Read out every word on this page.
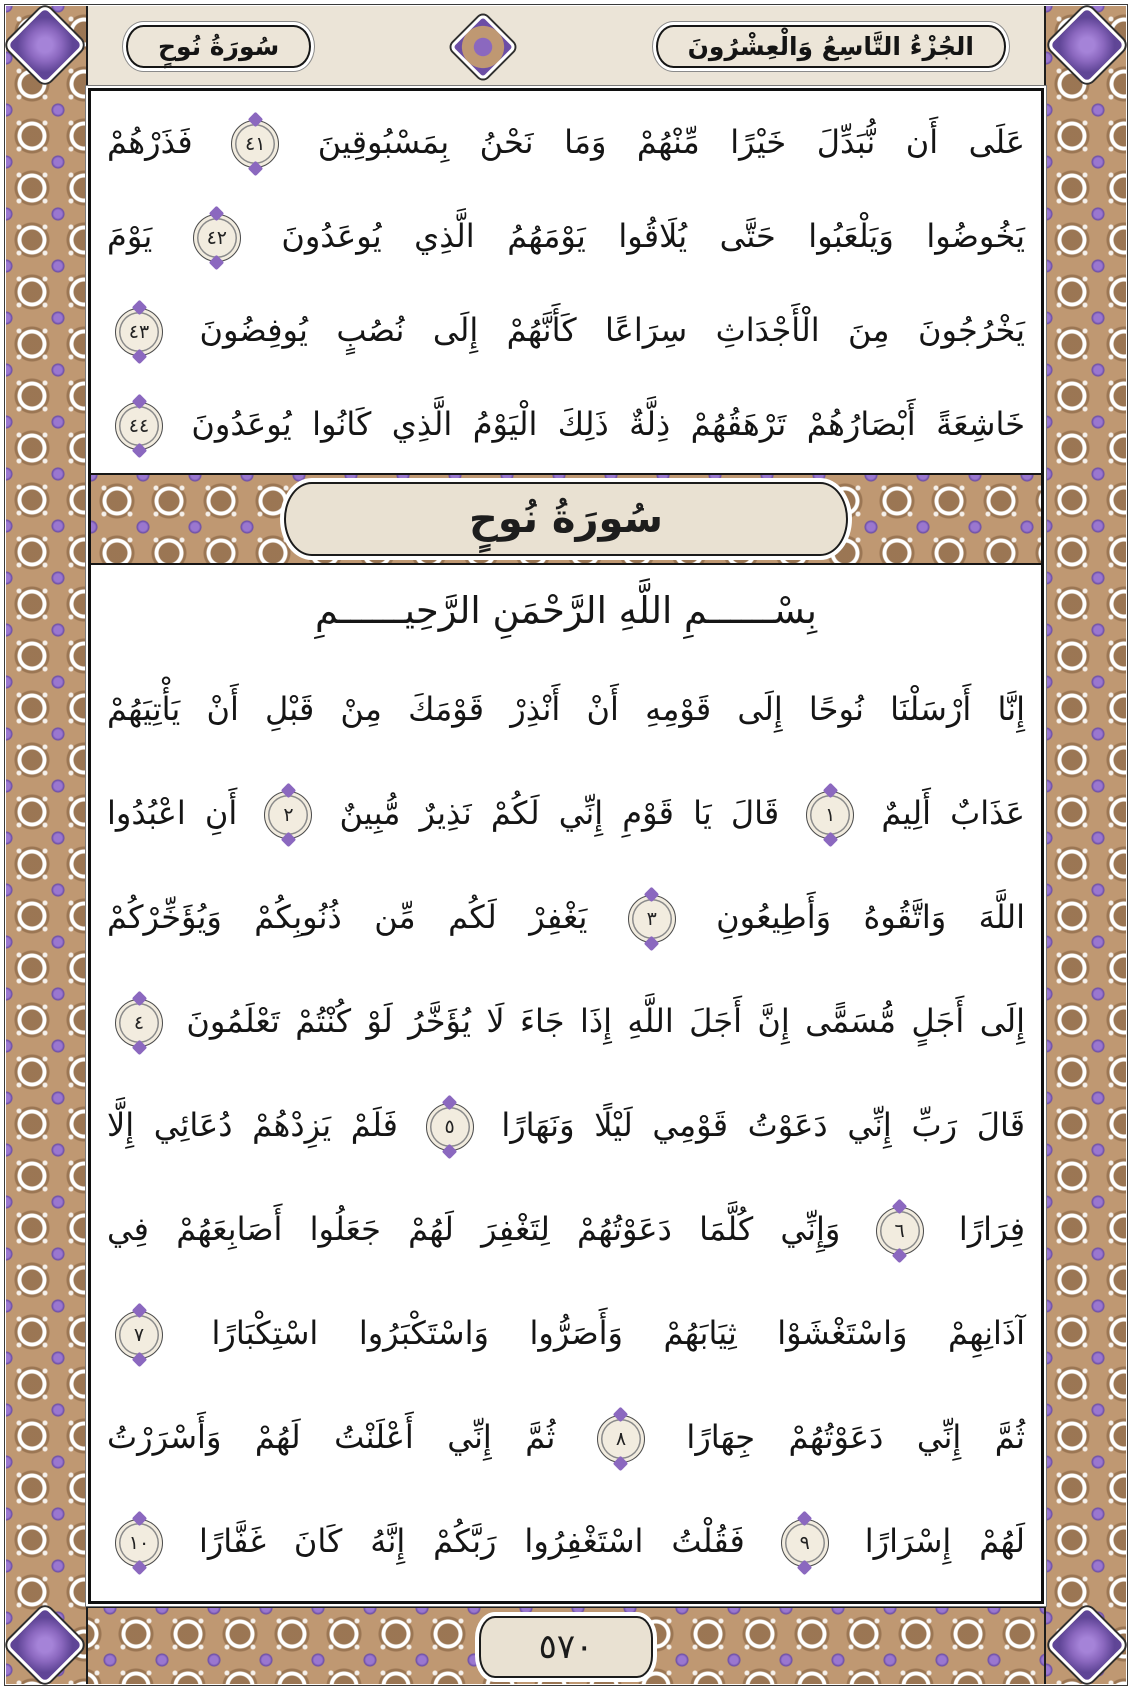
الجُزْءُ التَّاسِعُ وَالْعِشْرُونَ
سُورَةُ نُوحٍ
عَلَى أَن نُّبَدِّلَ خَيْرًا مِّنْهُمْ وَمَا نَحْنُ بِمَسْبُوقِينَ ٤١ فَذَرْهُمْ
يَخُوضُوا وَيَلْعَبُوا حَتَّى يُلَاقُوا يَوْمَهُمُ الَّذِي يُوعَدُونَ ٤٢ يَوْمَ
يَخْرُجُونَ مِنَ الْأَجْدَاثِ سِرَاعًا كَأَنَّهُمْ إِلَى نُصُبٍ يُوفِضُونَ ٤٣
خَاشِعَةً أَبْصَارُهُمْ تَرْهَقُهُمْ ذِلَّةٌ ذَلِكَ الْيَوْمُ الَّذِي كَانُوا يُوعَدُونَ ٤٤
سُورَةُ نُوحٍ
بِسْــــــمِ اللَّهِ الرَّحْمَنِ الرَّحِيــــــمِ
إِنَّا أَرْسَلْنَا نُوحًا إِلَى قَوْمِهِ أَنْ أَنْذِرْ قَوْمَكَ مِنْ قَبْلِ أَنْ يَأْتِيَهُمْ
عَذَابٌ أَلِيمٌ ١ قَالَ يَا قَوْمِ إِنِّي لَكُمْ نَذِيرٌ مُّبِينٌ ٢ أَنِ اعْبُدُوا
اللَّهَ وَاتَّقُوهُ وَأَطِيعُونِ ٣ يَغْفِرْ لَكُم مِّن ذُنُوبِكُمْ وَيُؤَخِّرْكُمْ
إِلَى أَجَلٍ مُّسَمًّى إِنَّ أَجَلَ اللَّهِ إِذَا جَاءَ لَا يُؤَخَّرُ لَوْ كُنْتُمْ تَعْلَمُونَ ٤
قَالَ رَبِّ إِنِّي دَعَوْتُ قَوْمِي لَيْلًا وَنَهَارًا ٥ فَلَمْ يَزِدْهُمْ دُعَائِي إِلَّا
فِرَارًا ٦ وَإِنِّي كُلَّمَا دَعَوْتُهُمْ لِتَغْفِرَ لَهُمْ جَعَلُوا أَصَابِعَهُمْ فِي
آذَانِهِمْ وَاسْتَغْشَوْا ثِيَابَهُمْ وَأَصَرُّوا وَاسْتَكْبَرُوا اسْتِكْبَارًا ٧
ثُمَّ إِنِّي دَعَوْتُهُمْ جِهَارًا ٨ ثُمَّ إِنِّي أَعْلَنْتُ لَهُمْ وَأَسْرَرْتُ
لَهُمْ إِسْرَارًا ٩ فَقُلْتُ اسْتَغْفِرُوا رَبَّكُمْ إِنَّهُ كَانَ غَفَّارًا ١٠
٥٧٠
